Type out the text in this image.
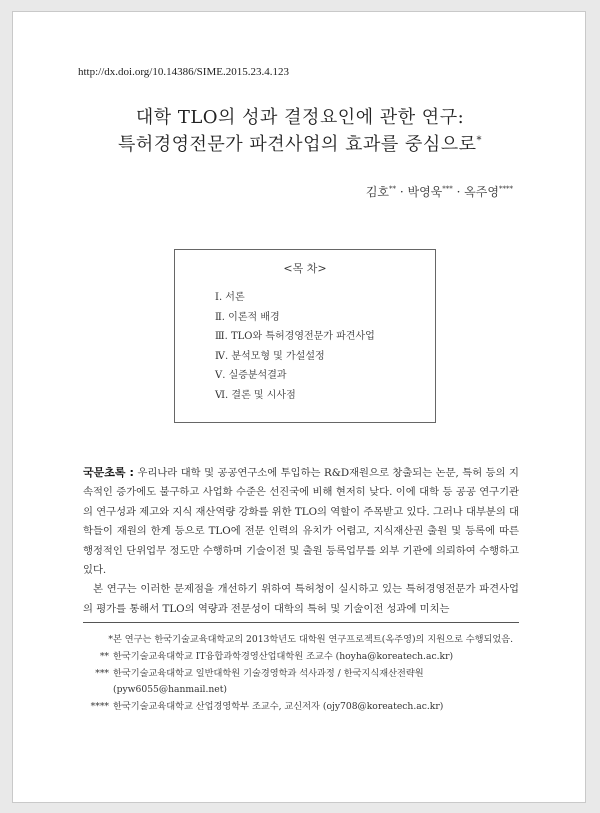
http://dx.doi.org/10.14386/SIME.2015.23.4.123
대학 TLO의 성과 결정요인에 관한 연구:
특허경영전문가 파견사업의 효과를 중심으로*
김호** · 박영욱*** · 옥주영****
<목 차>
Ⅰ. 서론
Ⅱ. 이론적 배경
Ⅲ. TLO와 특허경영전문가 파견사업
Ⅳ. 분석모형 및 가설설정
Ⅴ. 실증분석결과
Ⅵ. 결론 및 시사점

국문초록 : 우리나라 대학 및 공공연구소에 투입하는 R&D재원으로 창출되는 논문, 특허 등의 지속적인 증가에도 불구하고 사업화 수준은 선진국에 비해 현저히 낮다. 이에 대학 등 공공 연구기관의 연구성과 제고와 지식 재산역량 강화를 위한 TLO의 역할이 주목받고 있다. 그러나 대부분의 대학들이 재원의 한계 등으로 TLO에 전문 인력의 유치가 어렵고, 지식재산권 출원 및 등록에 따른 행정적인 단위업무 정도만 수행하며 기술이전 및 출원 등록업무를 외부 기관에 의뢰하여 수행하고 있다.

본 연구는 이러한 문제점을 개선하기 위하여 특허청이 실시하고 있는 특허경영전문가 파견사업의 평가를 통해서 TLO의 역량과 전문성이 대학의 특허 및 기술이전 성과에 미치는

* 본 연구는 한국기술교육대학교의 2013학년도 대학원 연구프로젝트(옥주영)의 지원으로 수행되었음.
** 한국기술교육대학교 IT융합과학경영산업대학원 조교수 (hoyha@koreatech.ac.kr)
*** 한국기술교육대학교 일반대학원 기술경영학과 석사과정 / 한국지식재산전략원 (pyw6055@hanmail.net)
**** 한국기술교육대학교 산업경영학부 조교수, 교신저자 (ojy708@koreatech.ac.kr)
